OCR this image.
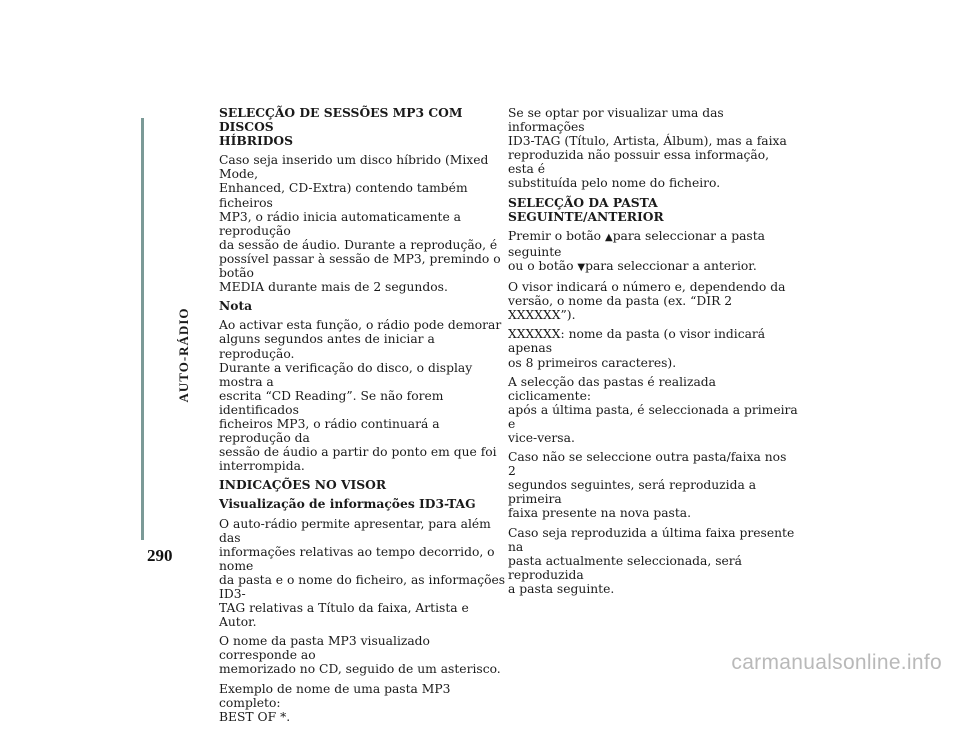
AUTO-RÁDIO
290
SELECÇÃO DE SESSÕES MP3 COM DISCOS
HÍBRIDOS

Caso seja inserido um disco híbrido (Mixed Mode,
Enhanced, CD-Extra) contendo também ficheiros
MP3, o rádio inicia automaticamente a reprodução
da sessão de áudio. Durante a reprodução, é
possível passar à sessão de MP3, premindo o botão
MEDIA durante mais de 2 segundos.

Nota

Ao activar esta função, o rádio pode demorar
alguns segundos antes de iniciar a reprodução.
Durante a verificação do disco, o display mostra a
escrita “CD Reading”. Se não forem identificados
ficheiros MP3, o rádio continuará a reprodução da
sessão de áudio a partir do ponto em que foi
interrompida.

INDICAÇÕES NO VISOR
Visualização de informações ID3-TAG

O auto-rádio permite apresentar, para além das
informações relativas ao tempo decorrido, o nome
da pasta e o nome do ficheiro, as informações ID3-
TAG relativas a Título da faixa, Artista e Autor.

O nome da pasta MP3 visualizado corresponde ao
memorizado no CD, seguido de um asterisco.

Exemplo de nome de uma pasta MP3 completo:
BEST OF *.

Se se optar por visualizar uma das informações
ID3-TAG (Título, Artista, Álbum), mas a faixa
reproduzida não possuir essa informação, esta é
substituída pelo nome do ficheiro.

SELECÇÃO DA PASTA SEGUINTE/ANTERIOR

Premir o botão ▲para seleccionar a pasta seguinte
ou o botão ▼para seleccionar a anterior.

O visor indicará o número e, dependendo da
versão, o nome da pasta (ex. “DIR 2 XXXXXX”).

XXXXXX: nome da pasta (o visor indicará apenas
os 8 primeiros caracteres).

A selecção das pastas é realizada ciclicamente:
após a última pasta, é seleccionada a primeira e
vice-versa.

Caso não se seleccione outra pasta/faixa nos 2
segundos seguintes, será reproduzida a primeira
faixa presente na nova pasta.

Caso seja reproduzida a última faixa presente na
pasta actualmente seleccionada, será reproduzida
a pasta seguinte.

carmanualsonline.info
